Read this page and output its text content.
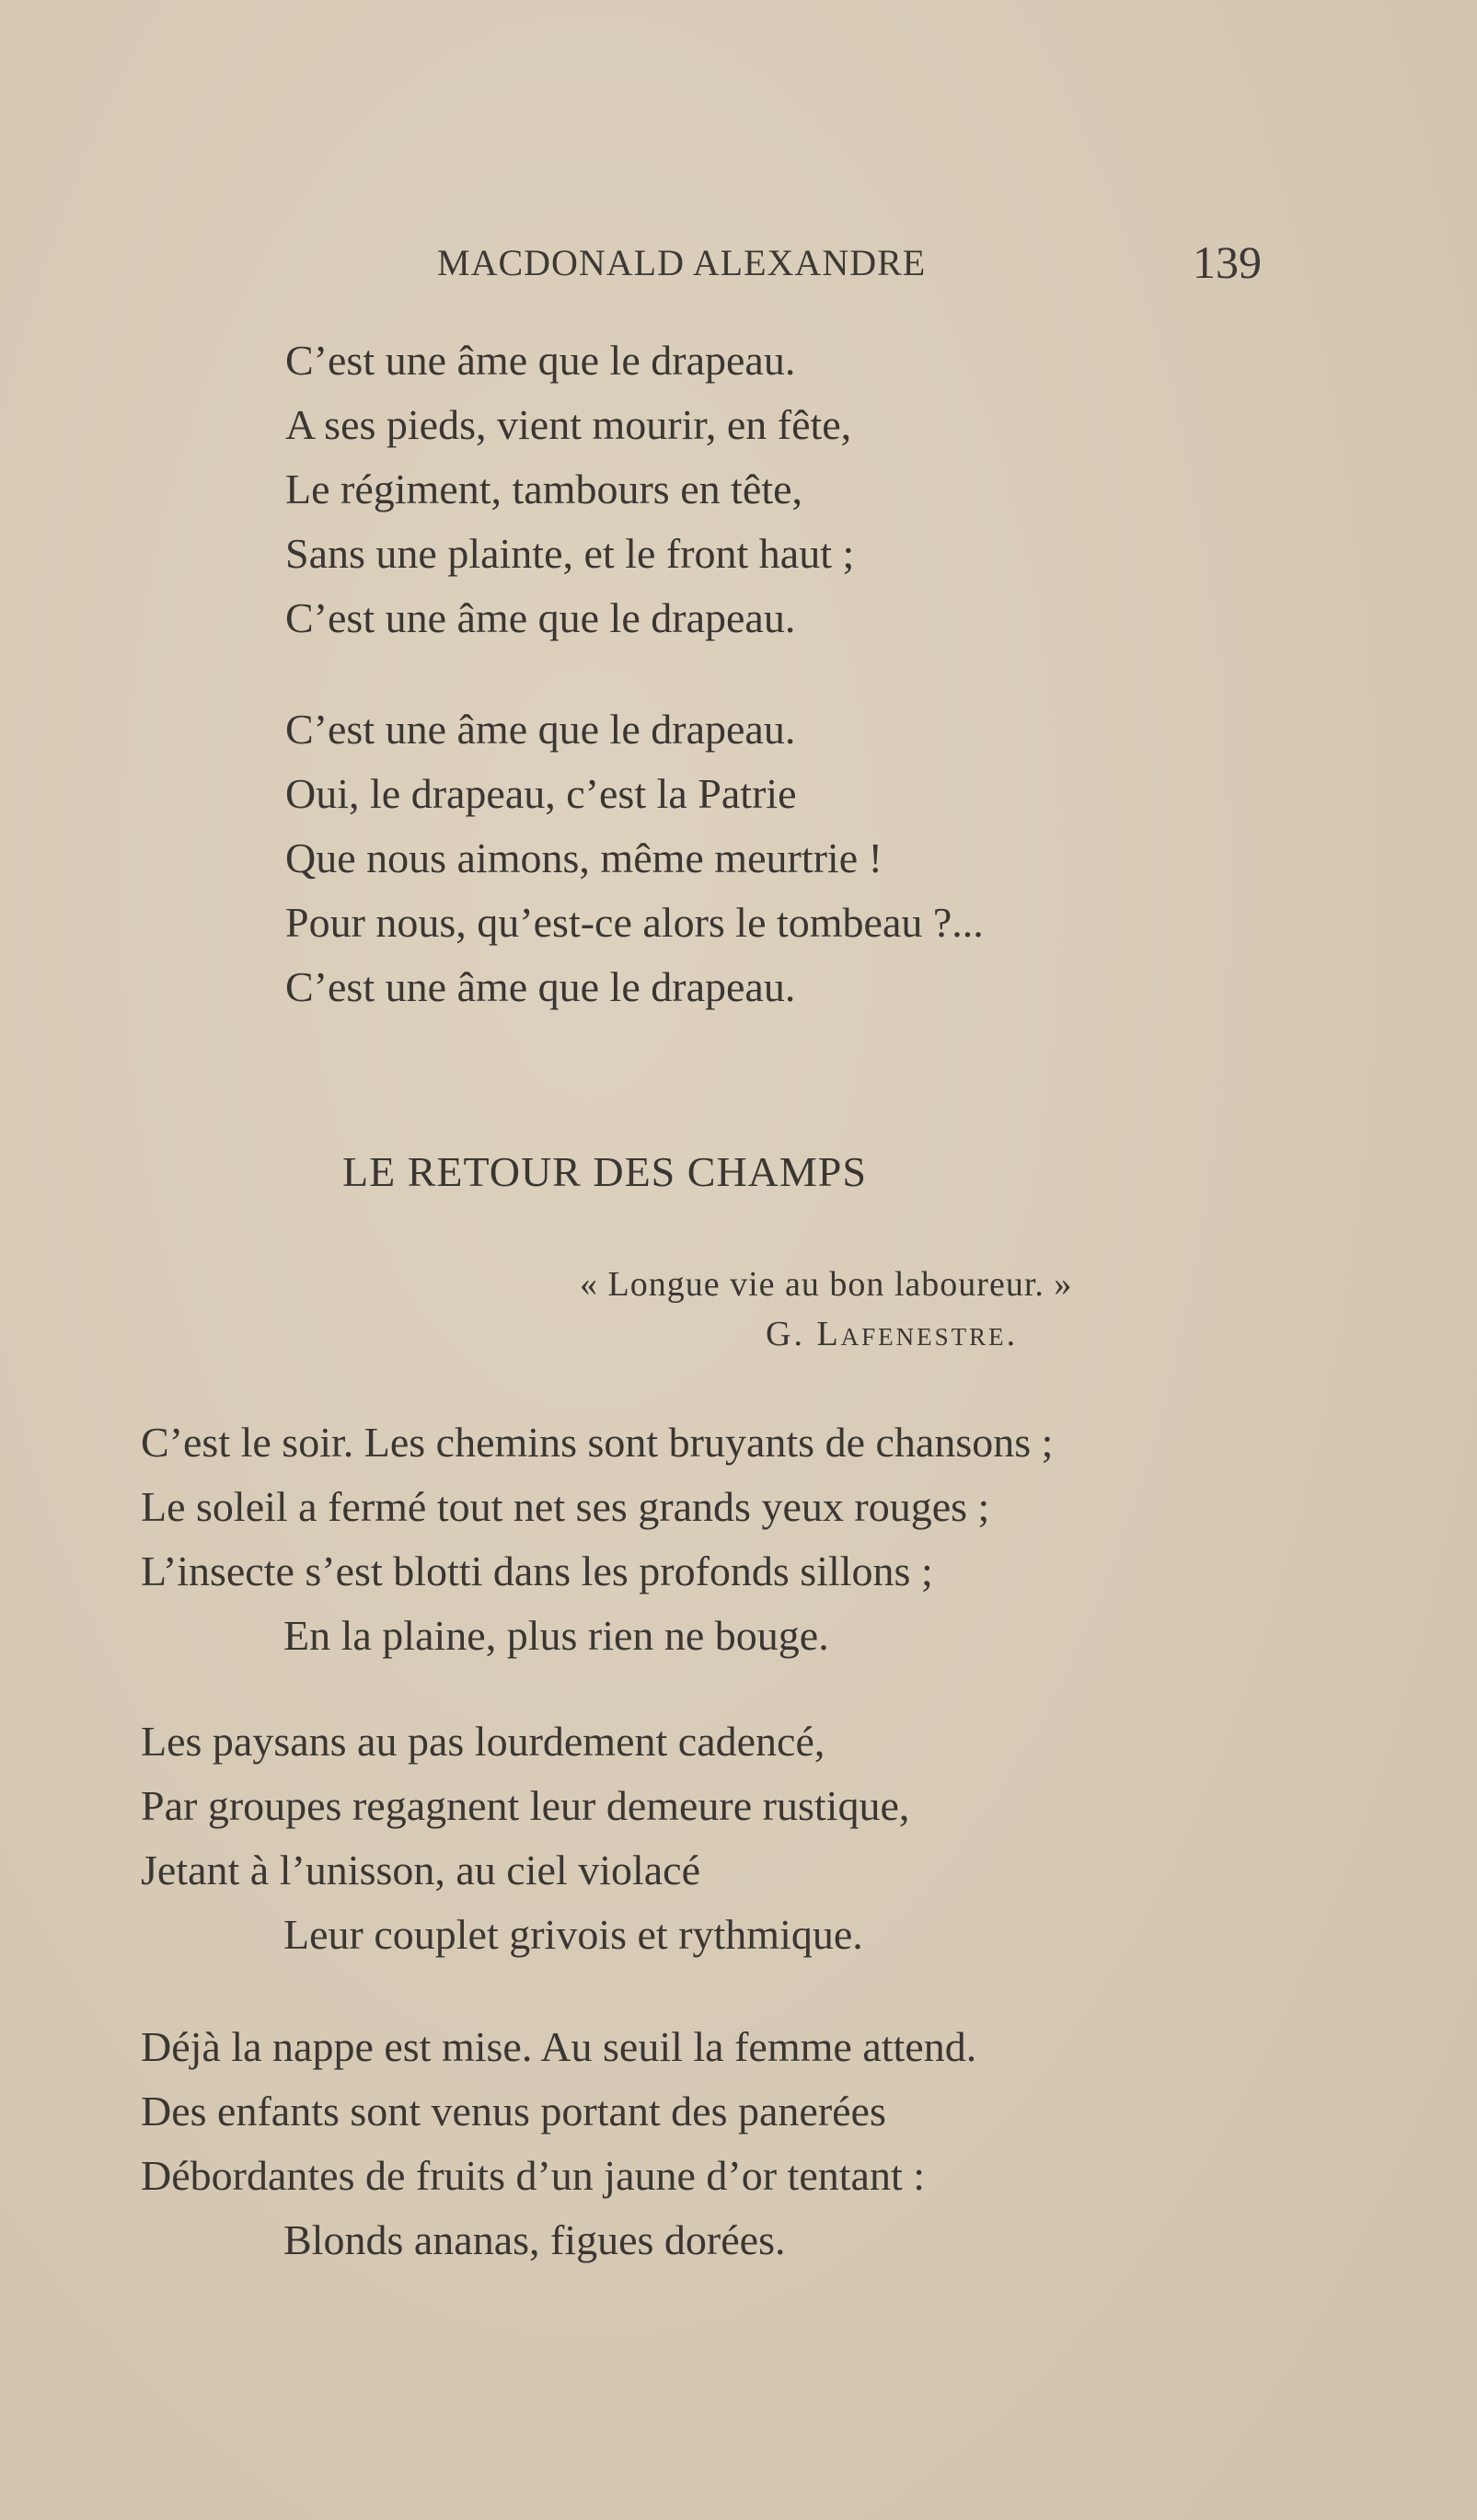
MACDONALD ALEXANDRE	139
C’est une âme que le drapeau.
A ses pieds, vient mourir, en fête,
Le régiment, tambours en tête,
Sans une plainte, et le front haut ;
C’est une âme que le drapeau.
C’est une âme que le drapeau.
Oui, le drapeau, c’est la Patrie
Que nous aimons, même meurtrie !
Pour nous, qu’est-ce alors le tombeau ?...
C’est une âme que le drapeau.
LE RETOUR DES CHAMPS
« Longue vie au bon laboureur. »
G. Lafenestre.
C’est le soir. Les chemins sont bruyants de chansons ;
Le soleil a fermé tout net ses grands yeux rouges ;
L’insecte s’est blotti dans les profonds sillons ;
En la plaine, plus rien ne bouge.
Les paysans au pas lourdement cadencé,
Par groupes regagnent leur demeure rustique,
Jetant à l’unisson, au ciel violacé
Leur couplet grivois et rythmique.
Déjà la nappe est mise. Au seuil la femme attend.
Des enfants sont venus portant des panerées
Débordantes de fruits d’un jaune d’or tentant :
Blonds ananas, figues dorées.
